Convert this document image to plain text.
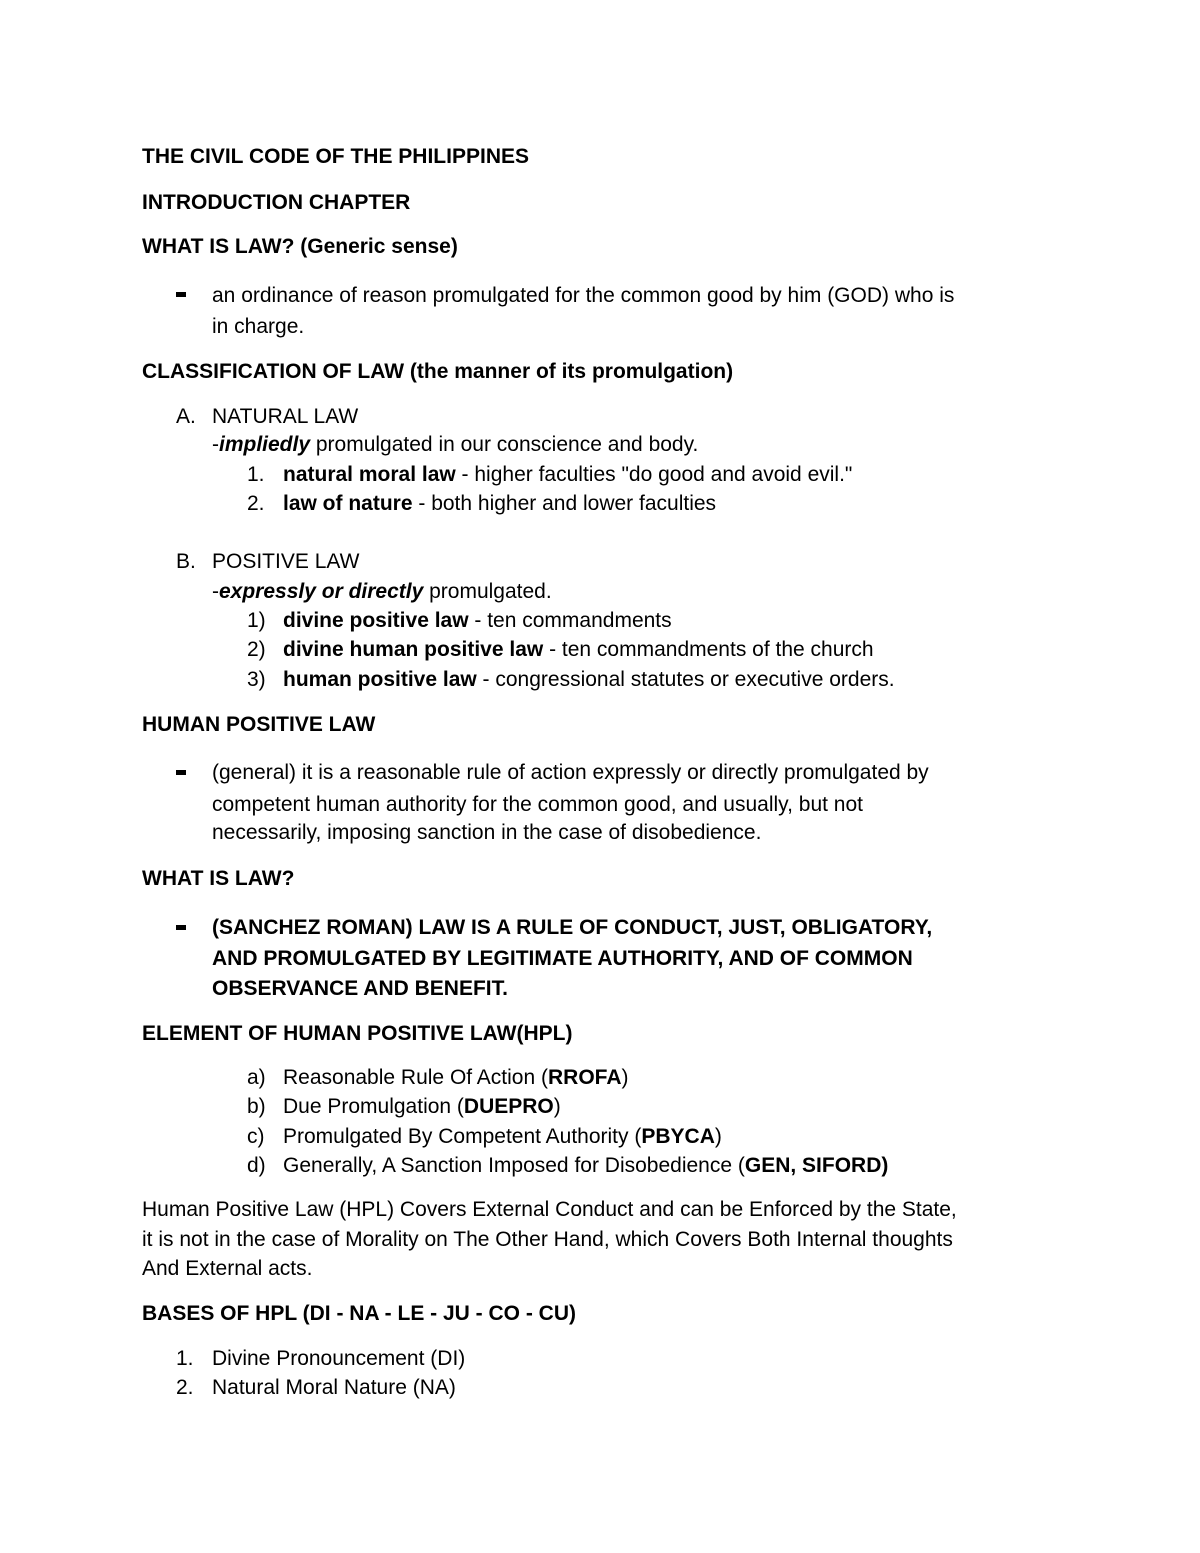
THE CIVIL CODE OF THE PHILIPPINES
INTRODUCTION CHAPTER
WHAT IS LAW? (Generic sense)
an ordinance of reason promulgated for the common good by him (GOD) who is
in charge.
CLASSIFICATION OF LAW (the manner of its promulgation)
A. NATURAL LAW
-impliedly promulgated in our conscience and body.
1. natural moral law - higher faculties "do good and avoid evil."
2. law of nature - both higher and lower faculties
B. POSITIVE LAW
-expressly or directly promulgated.
1) divine positive law - ten commandments
2) divine human positive law - ten commandments of the church
3) human positive law - congressional statutes or executive orders.
HUMAN POSITIVE LAW
(general) it is a reasonable rule of action expressly or directly promulgated by
competent human authority for the common good, and usually, but not
necessarily, imposing sanction in the case of disobedience.
WHAT IS LAW?
(SANCHEZ ROMAN) LAW IS A RULE OF CONDUCT, JUST, OBLIGATORY,
AND PROMULGATED BY LEGITIMATE AUTHORITY, AND OF COMMON
OBSERVANCE AND BENEFIT.
ELEMENT OF HUMAN POSITIVE LAW(HPL)
a) Reasonable Rule Of Action (RROFA)
b) Due Promulgation (DUEPRO)
c) Promulgated By Competent Authority (PBYCA)
d) Generally, A Sanction Imposed for Disobedience (GEN, SIFORD)
Human Positive Law (HPL) Covers External Conduct and can be Enforced by the State,
it is not in the case of Morality on The Other Hand, which Covers Both Internal thoughts
And External acts.
BASES OF HPL (DI - NA - LE - JU - CO - CU)
1. Divine Pronouncement (DI)
2. Natural Moral Nature (NA)
